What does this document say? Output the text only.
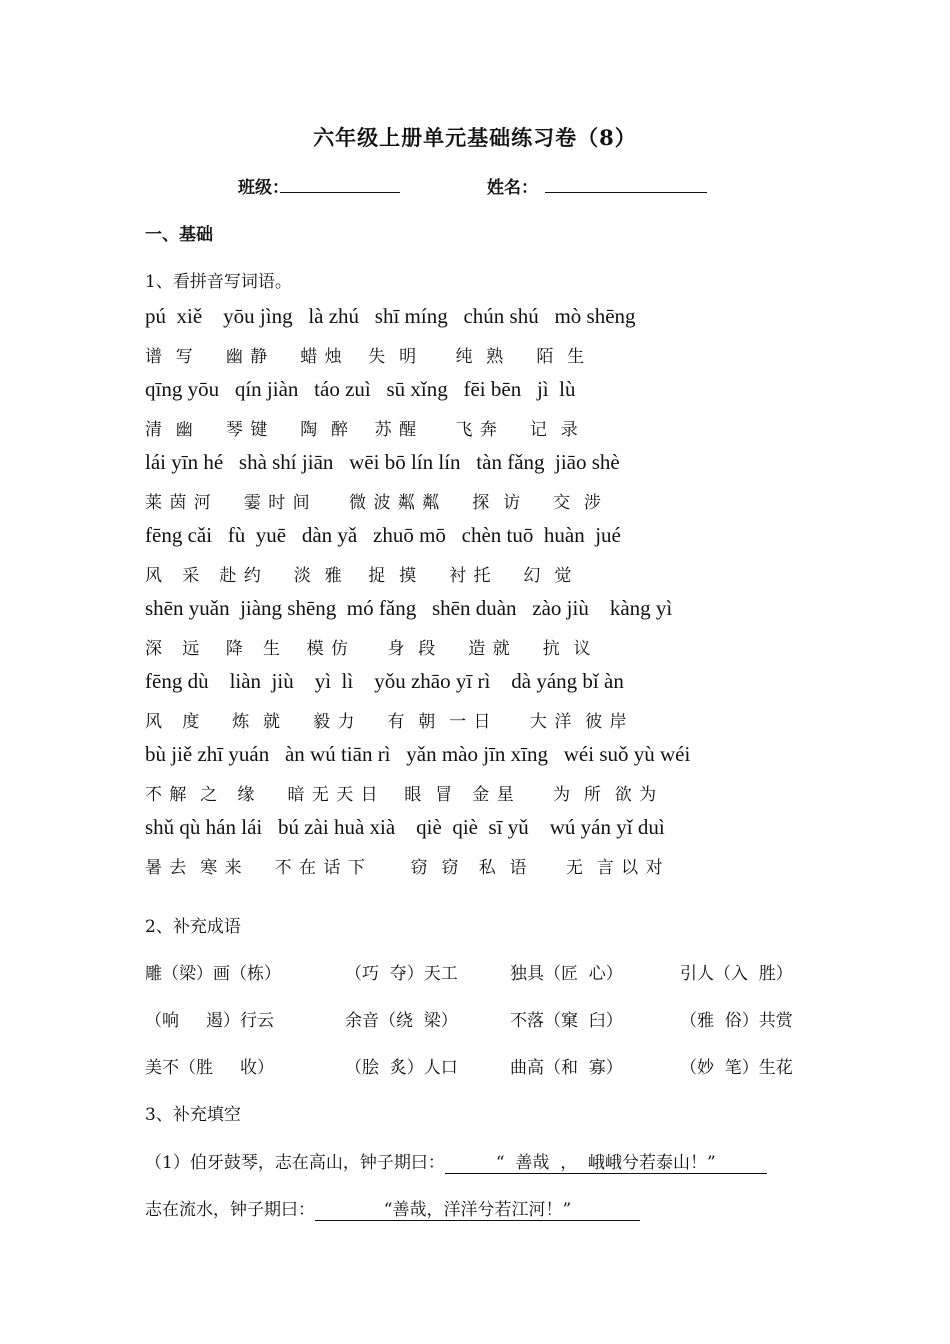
六年级上册单元基础练习卷（8）
班级：	姓名：
一、基础
1、看拼音写词语。
pú  xiě    yōu jìng   là zhú   shī míng   chún shú   mò shēng
谱  写     幽 静     蜡 烛    失  明      纯  熟     陌  生
qīng yōu   qín jiàn   táo zuì   sū xǐng   fēi bēn   jì  lù
清  幽     琴 键     陶  醉    苏 醒      飞 奔     记  录
lái yīn hé   shà shí jiān   wēi bō lín lín   tàn fǎng  jiāo shè
莱 茵 河     霎 时 间      微 波 粼 粼     探  访     交  涉
fēng cǎi   fù  yuē   dàn yǎ   zhuō mō   chèn tuō  huàn  jué
风   采   赴 约     淡  雅    捉  摸     衬 托     幻  觉
shēn yuǎn  jiàng shēng  mó fǎng   shēn duàn   zào jiù    kàng yì
深   远    降   生    模 仿      身  段     造 就     抗  议
fēng dù    liàn  jiù    yì  lì    yǒu zhāo yī rì    dà yáng bǐ àn
风   度     炼  就     毅 力     有  朝  一 日      大 洋  彼 岸
bù jiě zhī yuán   àn wú tiān rì   yǎn mào jīn xīng   wéi suǒ yù wéi
不 解  之   缘     暗 无 天 日    眼  冒   金 星      为  所  欲 为
shǔ qù hán lái   bú zài huà xià    qiè  qiè  sī yǔ    wú yán yǐ duì
暑 去  寒 来     不 在 话 下       窃  窃   私  语      无  言 以 对
2、补充成语
雕（梁）画（栋）	（巧  夺）天工	独具（匠  心）	引人（入  胜）
（响     遏）行云	余音（绕  梁）	不落（窠  臼）	（雅  俗）共赏
美不（胜     收）	（脍  炙）人口	曲高（和  寡）	（妙  笔）生花
3、补充填空
（1）伯牙鼓琴，志在高山，钟子期曰：	“  善哉  ，  峨峨兮若泰山！”
志在流水，钟子期曰：	“善哉，洋洋兮若江河！”
